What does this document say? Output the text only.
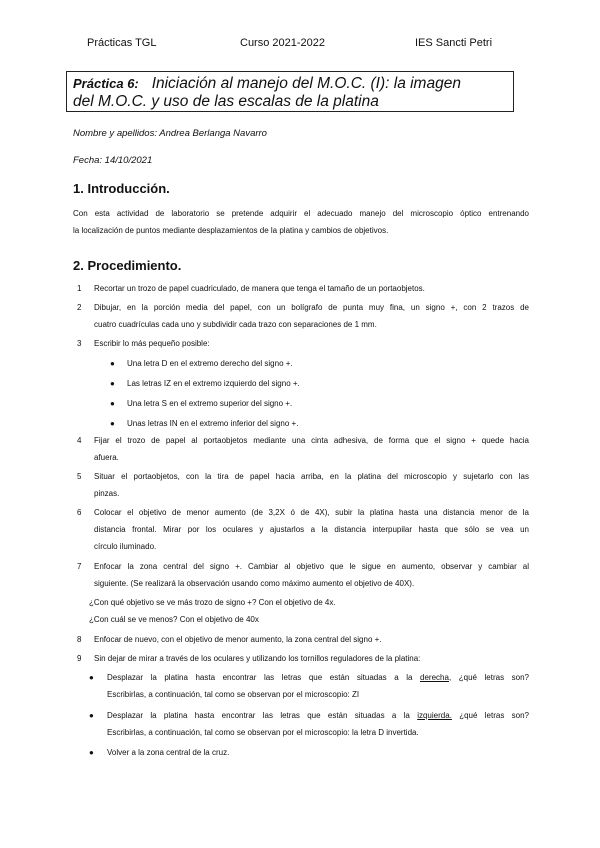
Prácticas TGL	Curso 2021-2022	IES Sancti Petri
Práctica 6: Iniciación al manejo del M.O.C. (I): la imagen
del M.O.C. y uso de las escalas de la platina
Nombre y apellidos: Andrea Berlanga Navarro
Fecha: 14/10/2021
1. Introducción.
Con esta actividad de laboratorio se pretende adquirir el adecuado manejo del microscopio óptico entrenando
la localización de puntos mediante desplazamientos de la platina y cambios de objetivos.
2. Procedimiento.
1 Recortar un trozo de papel cuadriculado, de manera que tenga el tamaño de un portaobjetos.
2 Dibujar, en la porción media del papel, con un bolígrafo de punta muy fina, un signo +, con 2 trazos de
cuatro cuadrículas cada uno y subdividir cada trazo con separaciones de 1 mm.
3 Escribir lo más pequeño posible:
● Una letra D en el extremo derecho del signo +.
● Las letras IZ en el extremo izquierdo del signo +.
● Una letra S en el extremo superior del signo +.
● Unas letras IN en el extremo inferior del signo +.
4 Fijar el trozo de papel al portaobjetos mediante una cinta adhesiva, de forma que el signo + quede hacia
afuera.
5 Situar el portaobjetos, con la tira de papel hacia arriba, en la platina del microscopio y sujetarlo con las
pinzas.
6 Colocar el objetivo de menor aumento (de 3,2X ó de 4X), subir la platina hasta una distancia menor de la
distancia frontal. Mirar por los oculares y ajustarlos a la distancia interpupilar hasta que sólo se vea un
círculo iluminado.
7 Enfocar la zona central del signo +. Cambiar al objetivo que le sigue en aumento, observar y cambiar al
siguiente. (Se realizará la observación usando como máximo aumento el objetivo de 40X).
¿Con qué objetivo se ve más trozo de signo +? Con el objetivo de 4x.
¿Con cuál se ve menos? Con el objetivo de 40x
8 Enfocar de nuevo, con el objetivo de menor aumento, la zona central del signo +.
9 Sin dejar de mirar a través de los oculares y utilizando los tornillos reguladores de la platina:
● Desplazar la platina hasta encontrar las letras que están situadas a la derecha, ¿qué letras son?
Escribirlas, a continuación, tal como se observan por el microscopio: ZI
● Desplazar la platina hasta encontrar las letras que están situadas a la izquierda. ¿qué letras son?
Escribirlas, a continuación, tal como se observan por el microscopio: la letra D invertida.
● Volver a la zona central de la cruz.
